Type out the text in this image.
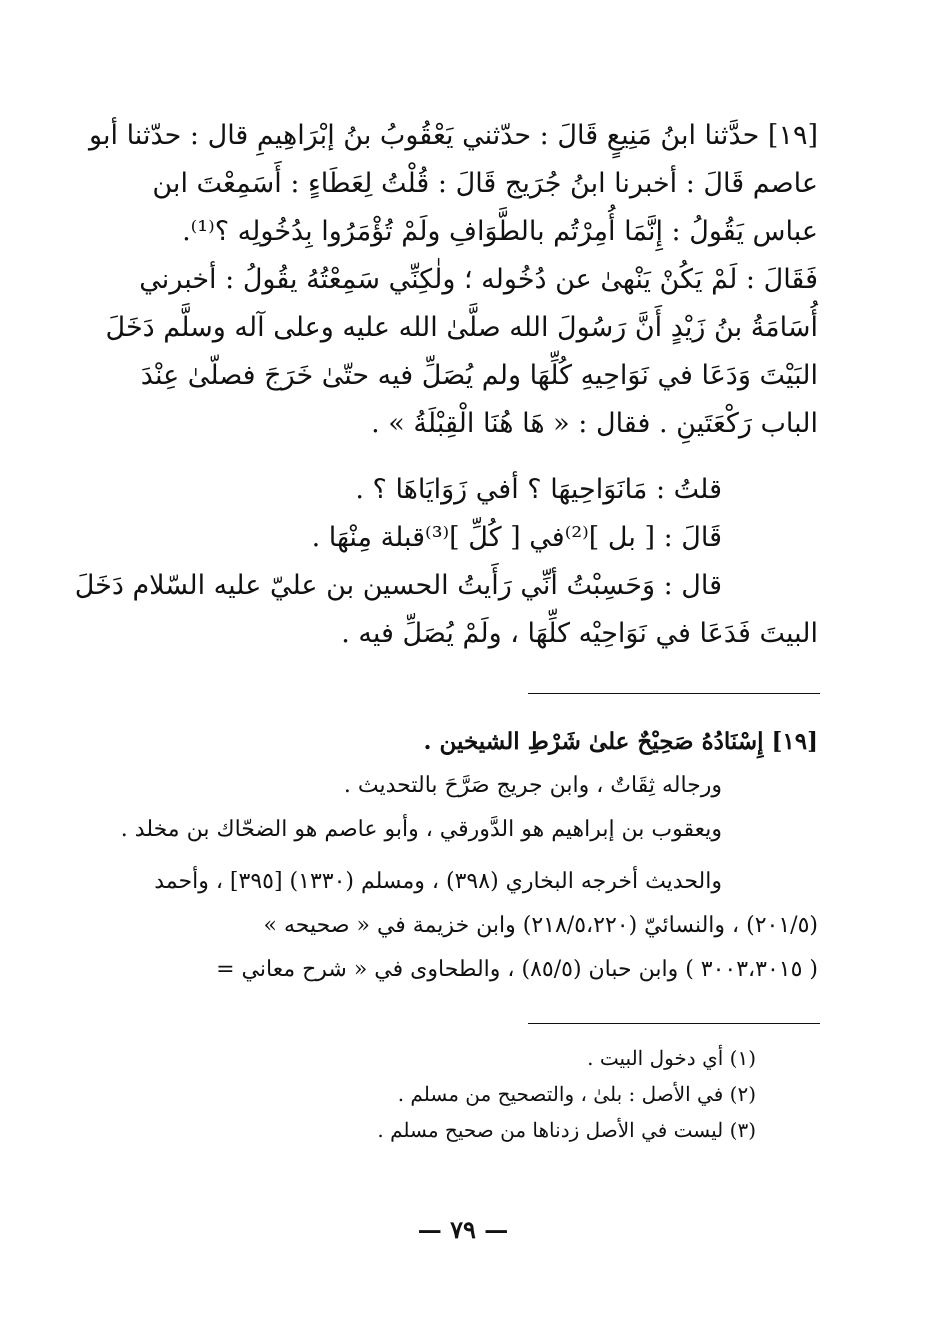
[١٩] حدَّثنا ابنُ مَنِيعٍ قَالَ : حدّثني يَعْقُوبُ بنُ إبْرَاهِيمِ قال : حدّثنا أبو
عاصم قَالَ : أخبرنا ابنُ جُرَيج قَالَ : قُلْتُ لِعَطَاءٍ : أَسَمِعْتَ ابن
عباس يَقُولُ : إِنَّمَا أُمِرْتُم بالطَّوَافِ ولَمْ تُؤْمَرُوا بِدُخُولِه ؟⁽¹⁾.
فَقَالَ : لَمْ يَكُنْ يَنْهىٰ عن دُخُوله ؛ ولٰكِنِّي سَمِعْتُهُ يقُولُ : أخبرني
أُسَامَةُ بنُ زَيْدٍ أَنَّ رَسُولَ الله صلَّىٰ الله عليه وعلى آله وسلَّم دَخَلَ
البَيْتَ وَدَعَا في نَوَاحِيهِ كُلِّهَا ولم يُصَلِّ فيه حتّىٰ خَرَجَ فصلّىٰ عِنْدَ
الباب رَكْعَتَينِ . فقال : « هَا هُنَا الْقِبْلَةُ » .
قلتُ : مَانَوَاحِيهَا ؟ أفي زَوَايَاهَا ؟ .
قَالَ : [ بل ]⁽²⁾في [ كُلِّ ]⁽³⁾قبلة مِنْهَا .
قال : وَحَسِبْتُ أنِّي رَأَيتُ الحسين بن عليّ عليه السّلام دَخَلَ
البيتَ فَدَعَا في نَوَاحِيْه كلِّهَا ، ولَمْ يُصَلِّ فيه .
[١٩] إِسْنَادُهُ صَحِيْحٌ علىٰ شَرْطِ الشيخين .
ورجاله ثِقَاتٌ ، وابن جريج صَرَّحَ بالتحديث .
ويعقوب بن إبراهيم هو الدَّورقي ، وأبو عاصم هو الضحّاك بن مخلد .
والحديث أخرجه البخاري (٣٩٨) ، ومسلم (١٣٣٠) [٣٩٥] ، وأحمد
(٢٠١/٥) ، والنسائيّ (٢١٨/٥،٢٢٠) وابن خزيمة في « صحيحه »
( ٣٠٠٣،٣٠١٥ ) وابن حبان (٨٥/٥) ، والطحاوى في « شرح معاني =
(١) أي دخول البيت .
(٢) في الأصل : بلىٰ ، والتصحيح من مسلم .
(٣) ليست في الأصل زدناها من صحيح مسلم .
— ٧٩ —
